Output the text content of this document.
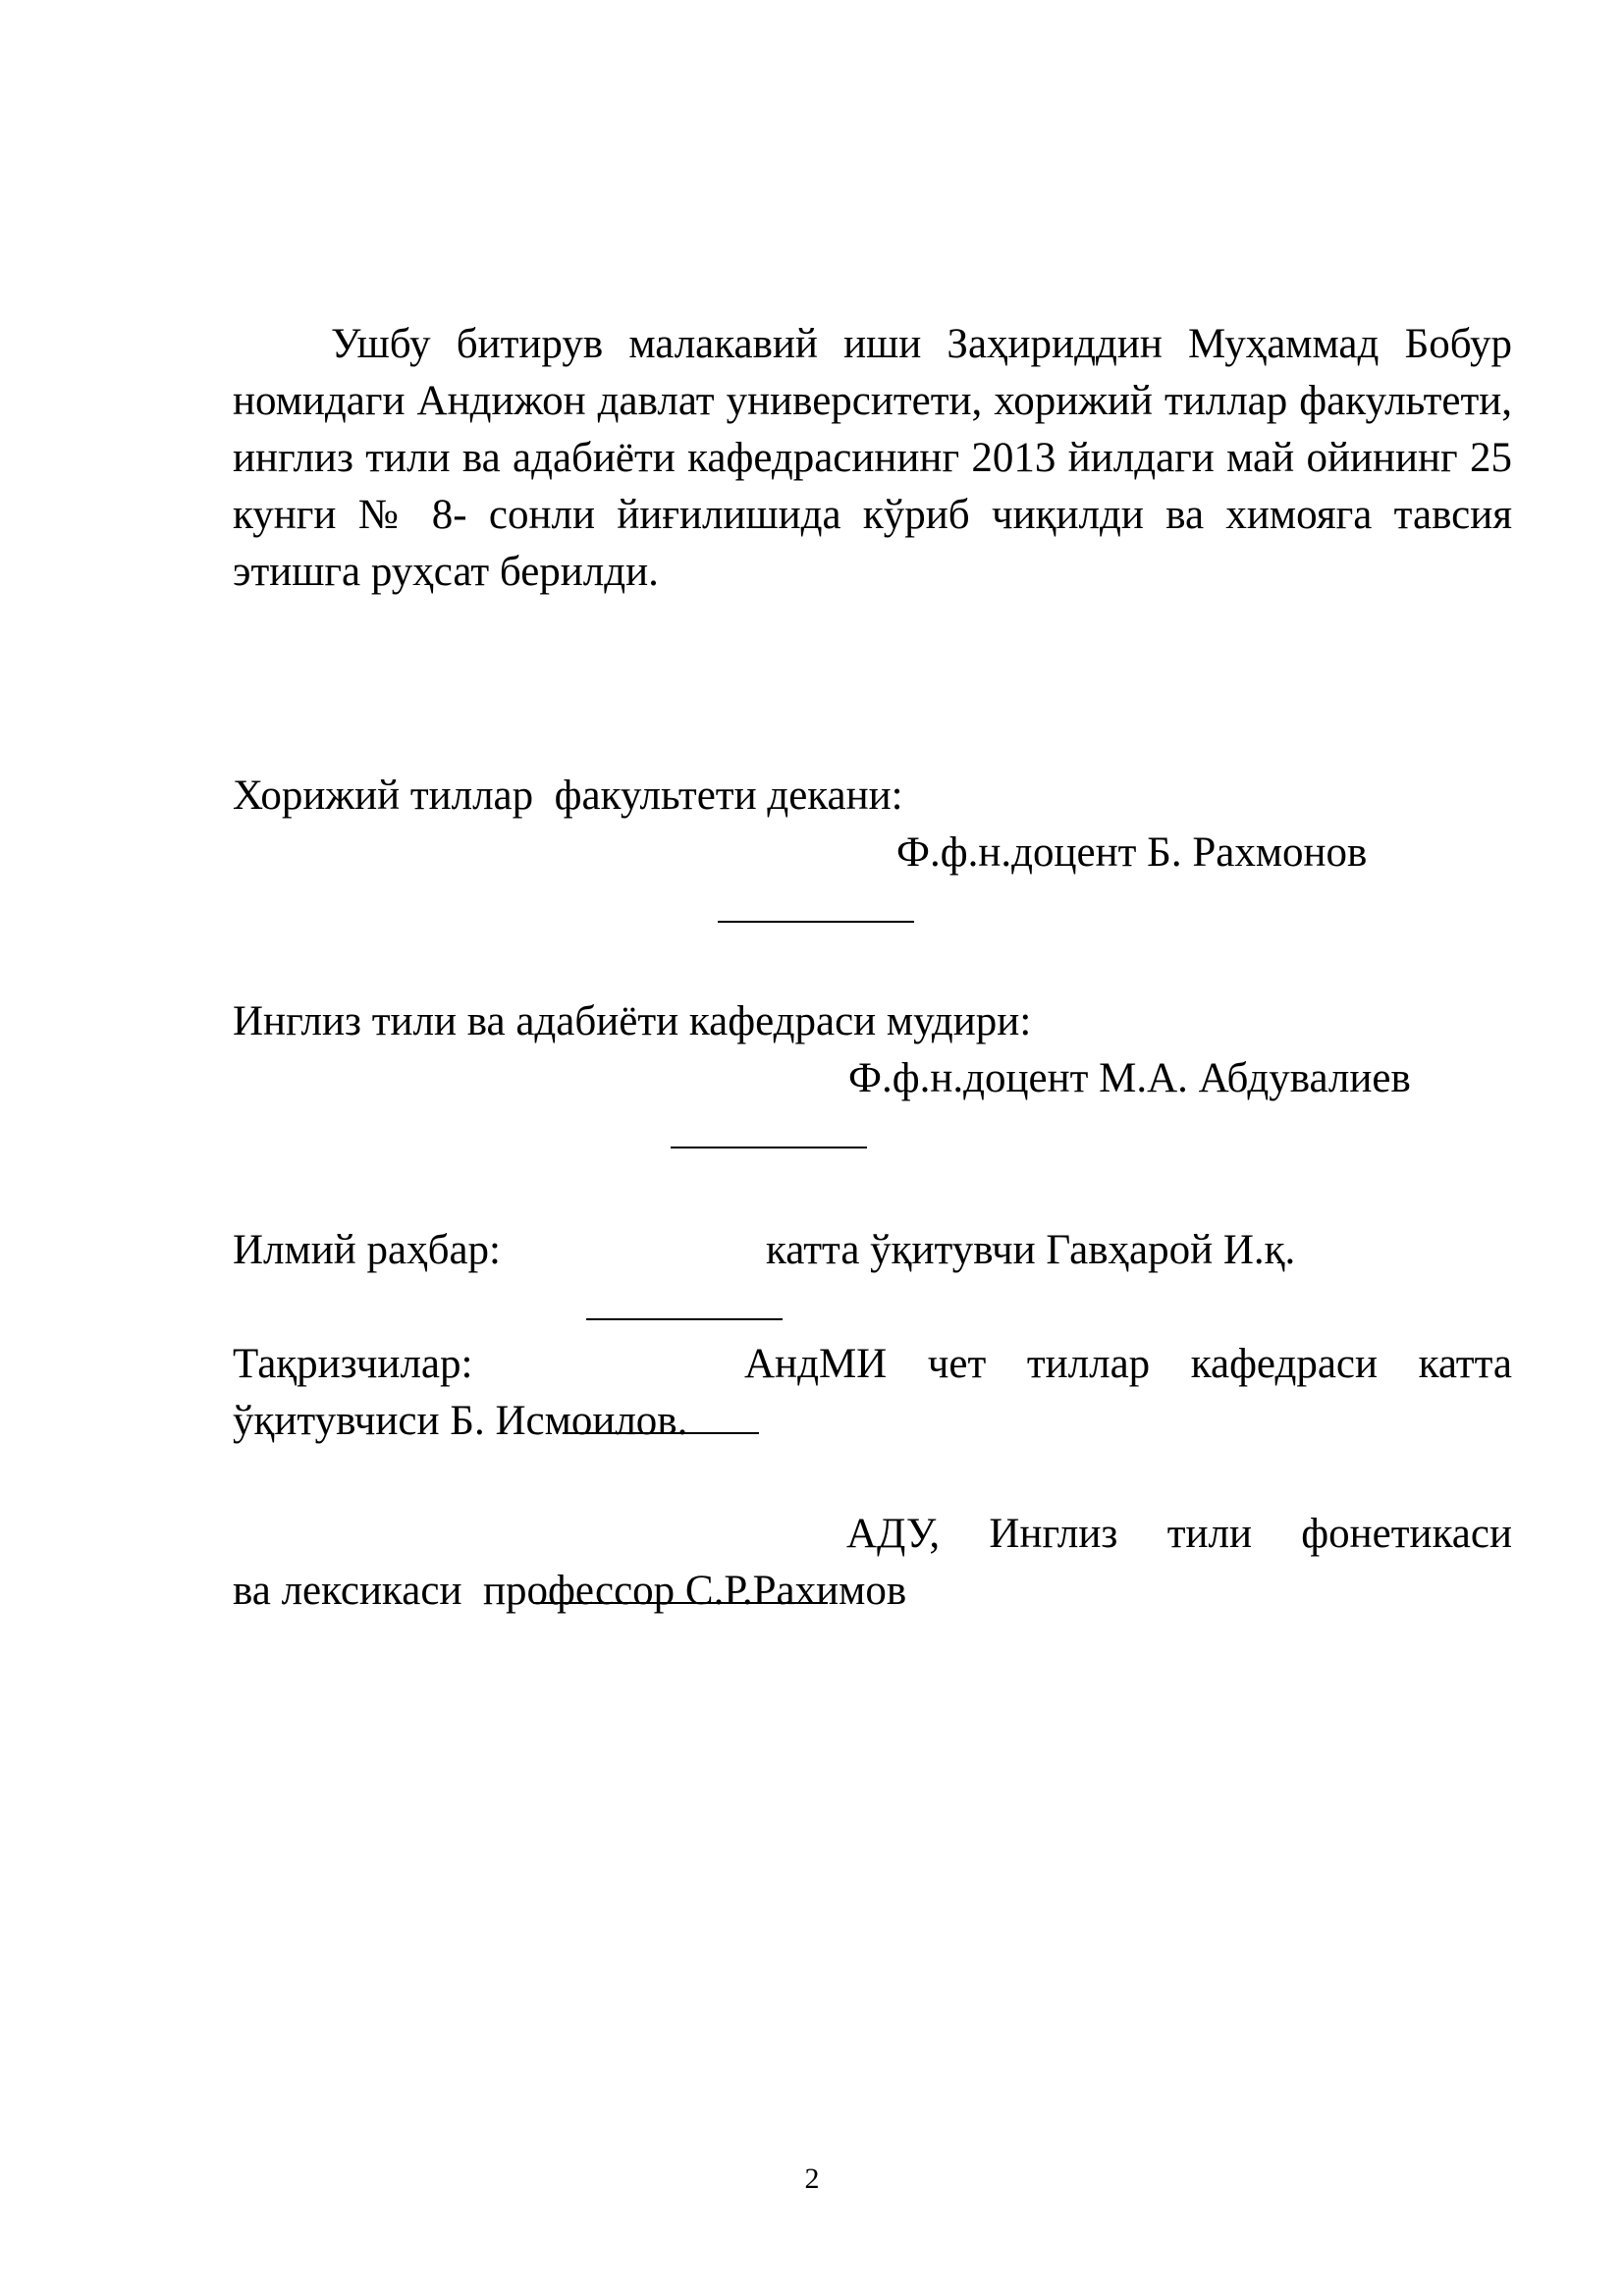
Ушбу битирув малакавий иши Заҳириддин Муҳаммад Бобур номидаги Андижон давлат университети, хорижий тиллар факультети, инглиз тили ва адабиёти кафедрасининг 2013 йилдаги май ойининг 25 кунги № 8- сонли йиғилишида кўриб чиқилди ва химояга тавсия этишга руҳсат берилди.
Хорижий тиллар  факультети декани:

Ф.ф.н.доцент Б. Рахмонов
Инглиз тили ва адабиёти кафедраси мудири:

Ф.ф.н.доцент М.А. Абдувалиев
Илмий раҳбар:

	катта ўқитувчи Гавҳарой И.қ.
Тақризчилар:

	АндМИ чет тиллар кафедраси катта
ўқитувчиси Б. Исмоилов.

АДУ, Инглиз тили фонетикаси
ва лексикаси  профессор С.Р.Рахимов
2
